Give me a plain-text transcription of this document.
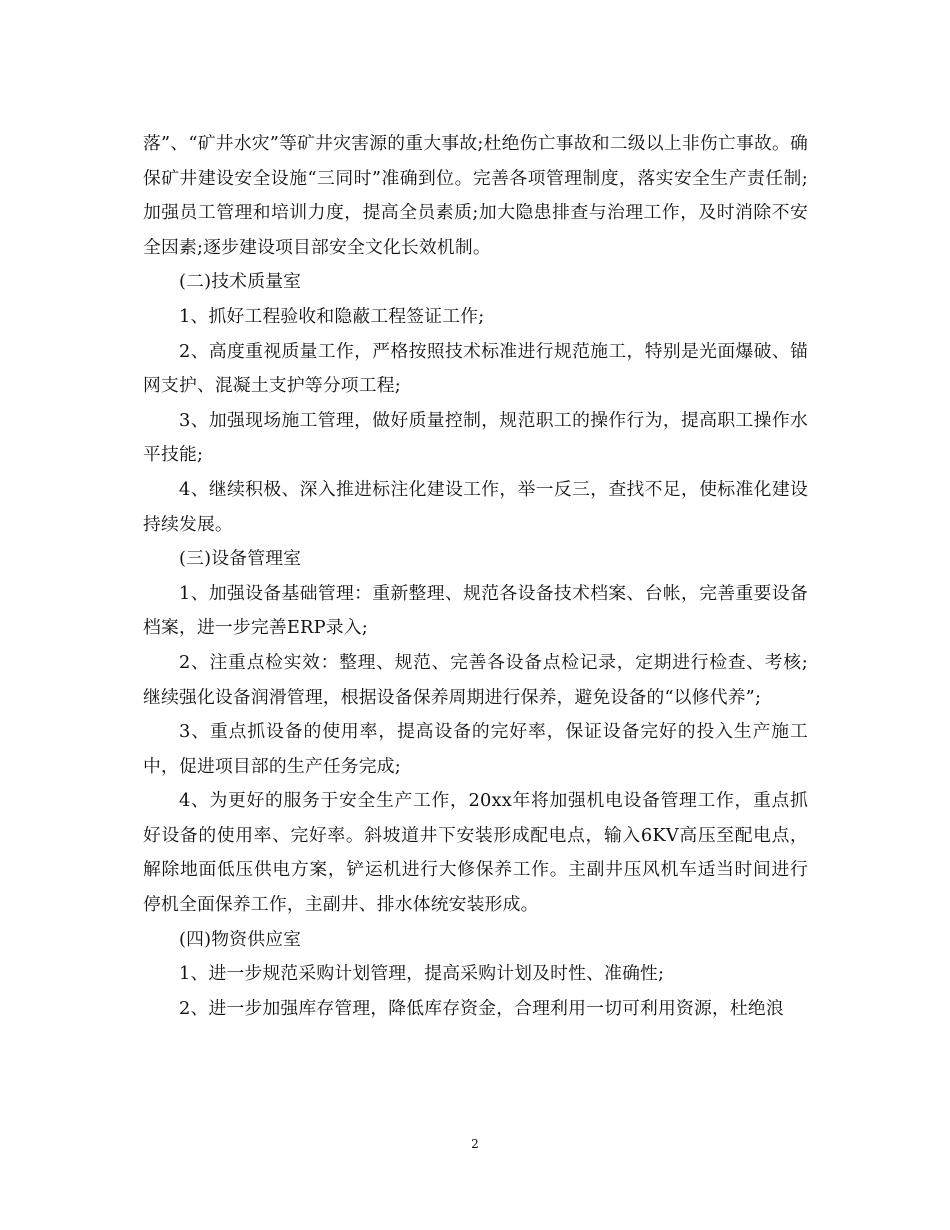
落”、“矿井水灾”等矿井灾害源的重大事故;杜绝伤亡事故和二级以上非伤亡事故。确保矿井建设安全设施“三同时”准确到位。完善各项管理制度，落实安全生产责任制;加强员工管理和培训力度，提高全员素质;加大隐患排查与治理工作，及时消除不安全因素;逐步建设项目部安全文化长效机制。

(二)技术质量室

1、抓好工程验收和隐蔽工程签证工作;

2、高度重视质量工作，严格按照技术标准进行规范施工，特别是光面爆破、锚网支护、混凝土支护等分项工程;

3、加强现场施工管理，做好质量控制，规范职工的操作行为，提高职工操作水平技能;

4、继续积极、深入推进标注化建设工作，举一反三，查找不足，使标准化建设持续发展。

(三)设备管理室

1、加强设备基础管理：重新整理、规范各设备技术档案、台帐，完善重要设备档案，进一步完善ERP录入;

2、注重点检实效：整理、规范、完善各设备点检记录，定期进行检查、考核;继续强化设备润滑管理，根据设备保养周期进行保养，避免设备的“以修代养”;

3、重点抓设备的使用率，提高设备的完好率，保证设备完好的投入生产施工中，促进项目部的生产任务完成;

4、为更好的服务于安全生产工作，20xx年将加强机电设备管理工作，重点抓好设备的使用率、完好率。斜坡道井下安装形成配电点，输入6KV高压至配电点，解除地面低压供电方案，铲运机进行大修保养工作。主副井压风机车适当时间进行停机全面保养工作，主副井、排水体统安装形成。

(四)物资供应室

1、进一步规范采购计划管理，提高采购计划及时性、准确性;

2、进一步加强库存管理，降低库存资金，合理利用一切可利用资源，杜绝浪

2
